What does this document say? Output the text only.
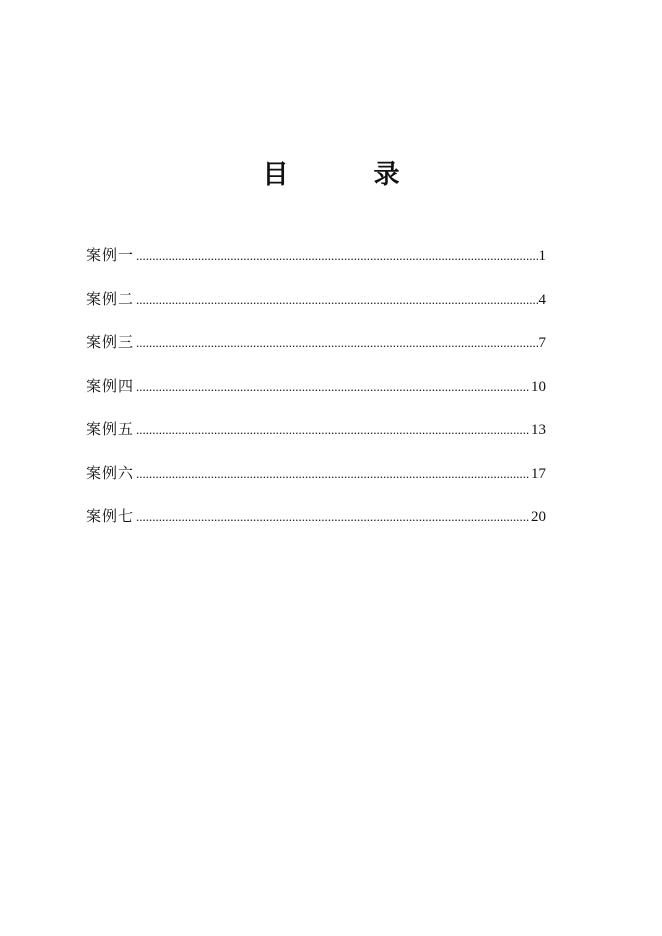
目 录
案例一 .....	1
案例二 .....	4
案例三 .....	7
案例四 .....	10
案例五 .....	13
案例六 .....	17
案例七 .....	20
